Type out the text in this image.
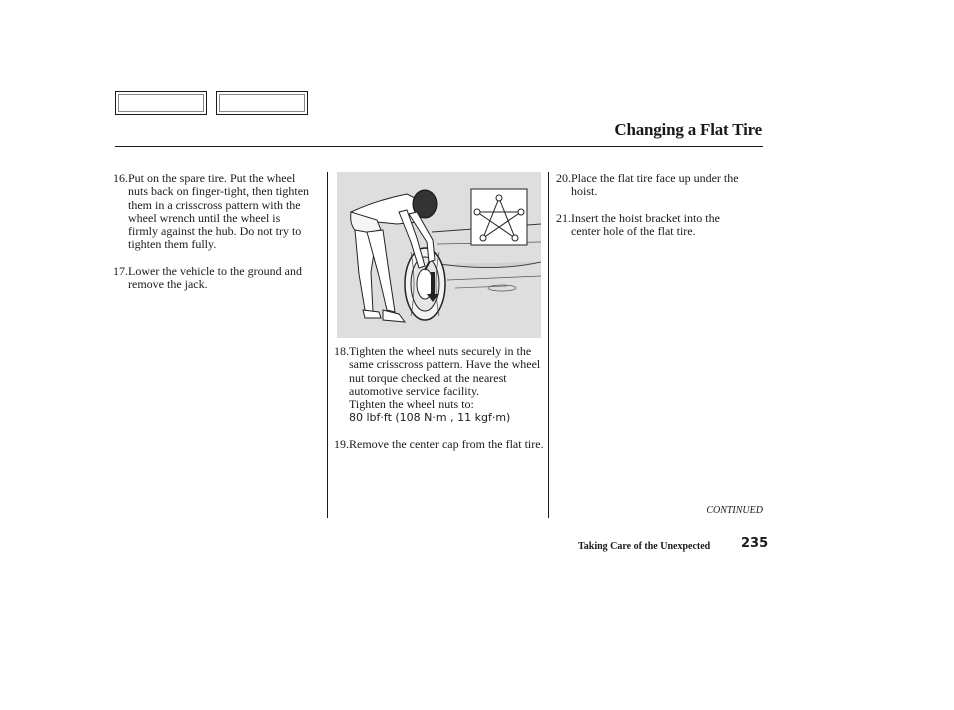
Changing a Flat Tire
16. Put on the spare tire. Put the wheel nuts back on finger-tight, then tighten them in a crisscross pattern with the wheel wrench until the wheel is firmly against the hub. Do not try to tighten them fully.
17. Lower the vehicle to the ground and remove the jack.
18. Tighten the wheel nuts securely in the same crisscross pattern. Have the wheel nut torque checked at the nearest automotive service facility.
Tighten the wheel nuts to:
80 lbf·ft (108 N·m , 11 kgf·m)
19. Remove the center cap from the flat tire.
20. Place the flat tire face up under the hoist.
21. Insert the hoist bracket into the center hole of the flat tire.
CONTINUED
Taking Care of the Unexpected 235
